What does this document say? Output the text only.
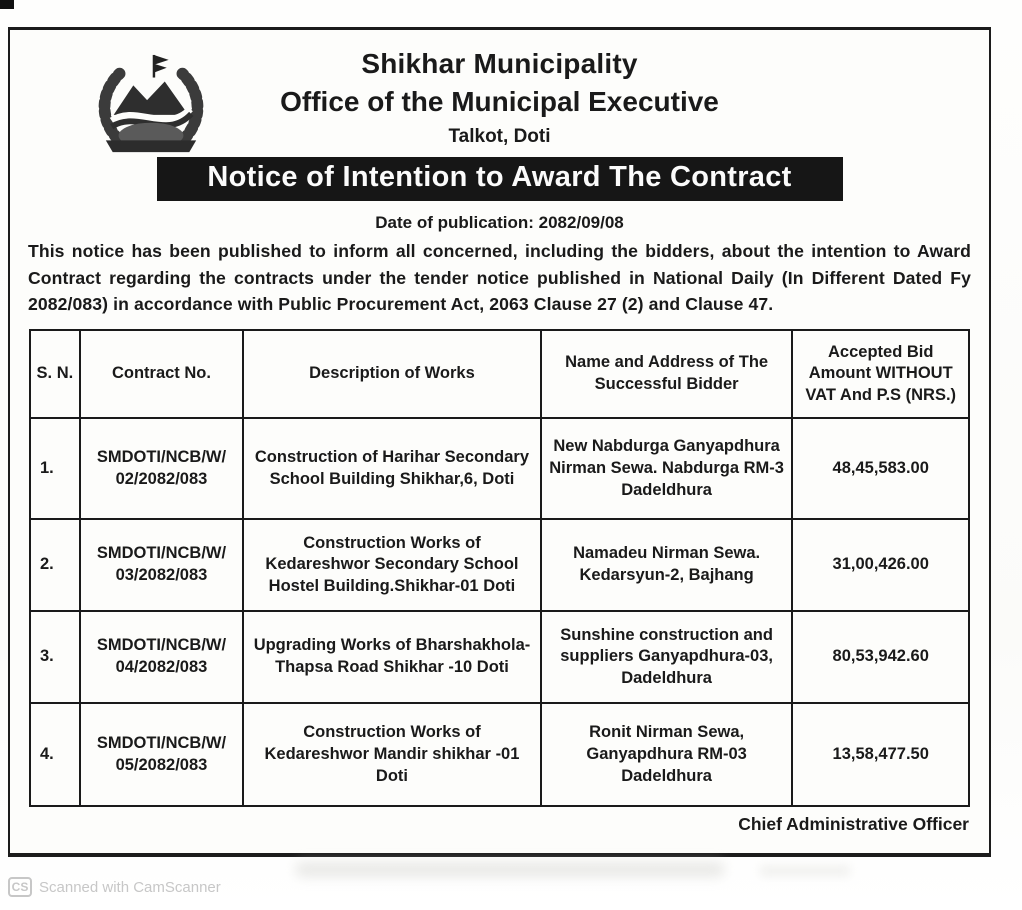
Shikhar Municipality
Office of the Municipal Executive
Talkot, Doti
Notice of Intention to Award The Contract
Date of publication: 2082/09/08

This notice has been published to inform all concerned, including the bidders, about the intention to Award Contract regarding the contracts under the tender notice published in National Daily (In Different Dated Fy 2082/083) in accordance with Public Procurement Act, 2063 Clause 27 (2) and Clause 47.

S. N.	Contract No.	Description of Works	Name and Address of The Successful Bidder	Accepted Bid Amount WITHOUT VAT And P.S (NRS.)
1.	SMDOTI/NCB/W/ 02/2082/083	Construction of Harihar Secondary School Building Shikhar,6, Doti	New Nabdurga Ganyapdhura Nirman Sewa. Nabdurga RM-3 Dadeldhura	48,45,583.00
2.	SMDOTI/NCB/W/ 03/2082/083	Construction Works of Kedareshwor Secondary School Hostel Building.Shikhar-01 Doti	Namadeu Nirman Sewa. Kedarsyun-2, Bajhang	31,00,426.00
3.	SMDOTI/NCB/W/ 04/2082/083	Upgrading Works of Bharshakhola- Thapsa Road Shikhar -10 Doti	Sunshine construction and suppliers Ganyapdhura-03, Dadeldhura	80,53,942.60
4.	SMDOTI/NCB/W/ 05/2082/083	Construction Works of Kedareshwor Mandir shikhar -01 Doti	Ronit Nirman Sewa, Ganyapdhura RM-03 Dadeldhura	13,58,477.50
Chief Administrative Officer
CS Scanned with CamScanner
